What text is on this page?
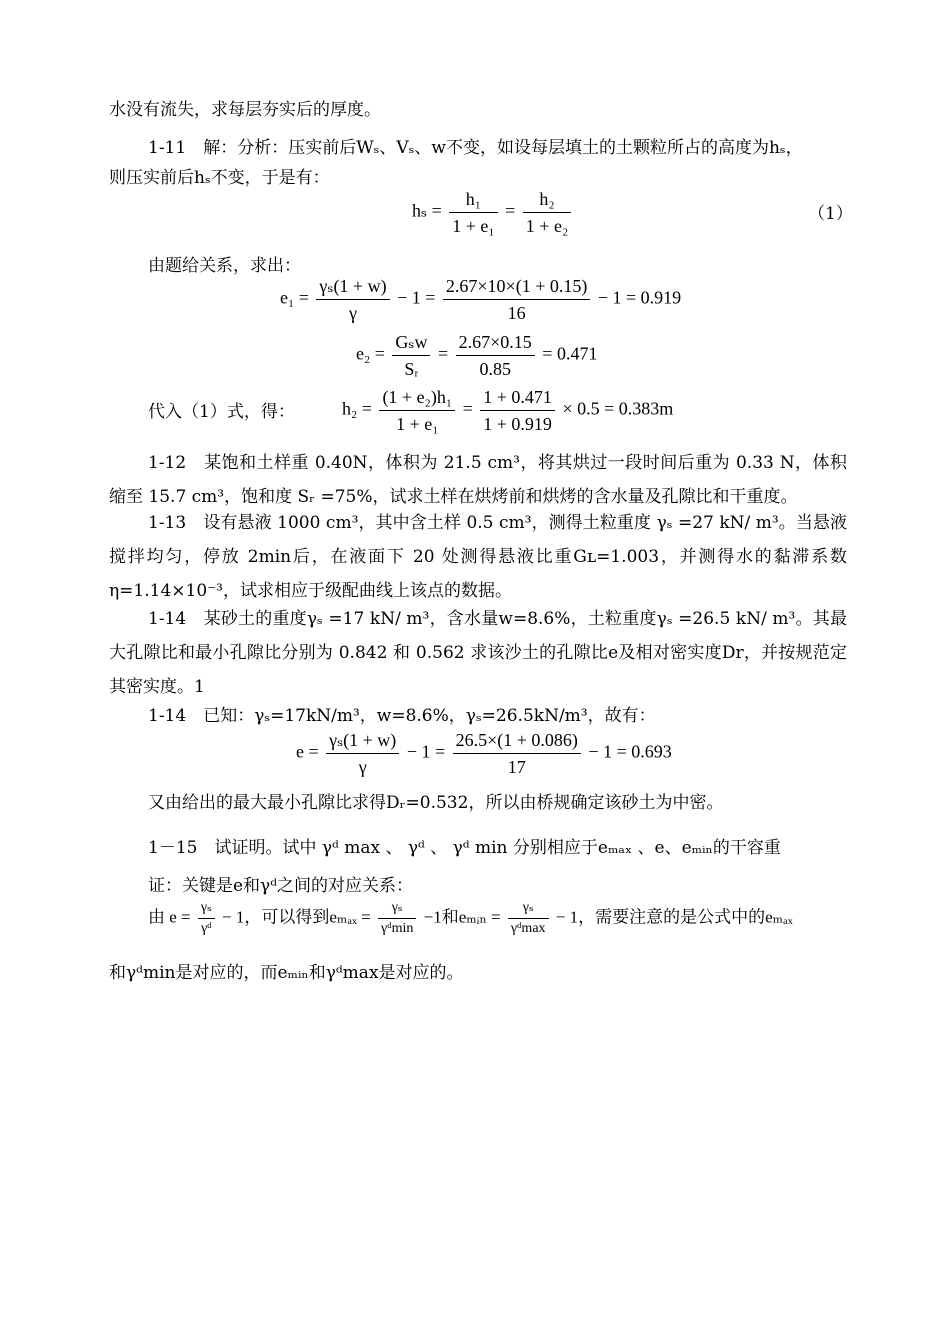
水没有流失，求每层夯实后的厚度。
1-11　解：分析：压实前后Wₛ、Vₛ、w不变，如设每层填土的土颗粒所占的高度为hₛ，
则压实前后hₛ不变，于是有：
$h_s = \frac{\text{h₁}}{\text{1 + e₁}} = \frac{\text{h₂}}{\text{1 + e₂}}$	（1）
由题给关系，求出：
$e_1 = \frac{\text{γₛ(1 + w)}}{\gamma} - 1 = \frac{2.67\times 10\times(1 + 0.15)}{16} - 1 = 0.919$
$e_2 = \frac{\text{Gₛw}}{\text{Sᵣ}} = \frac{2.67\times 0.15}{0.85} = 0.471$
代入（1）式，得：	$h_2 = \frac{\text{(1 + e₂)h₁}}{\text{1 + e₁}} = \frac{1 + 0.471}{1 + 0.919} \times 0.5 = 0.383m$
1-12　某饱和土样重 0.40N，体积为 21.5 cm³，将其烘过一段时间后重为 0.33 N，体积缩至 15.7 cm³，饱和度 Sᵣ =75%，试求土样在烘烤前和烘烤的含水量及孔隙比和干重度。
1-13　设有悬液 1000 cm³，其中含土样 0.5 cm³，测得土粒重度 γₛ =27 kN/ m³。当悬液搅拌均匀，停放 2min后，在液面下 20 处测得悬液比重Gʟ=1.003，并测得水的黏滞系数η=1.14×10⁻³，试求相应于级配曲线上该点的数据。
1-14　某砂土的重度γₛ =17 kN/ m³，含水量w=8.6%，土粒重度γₛ =26.5 kN/ m³。其最大孔隙比和最小孔隙比分别为 0.842 和 0.562 求该沙土的孔隙比e及相对密实度Dr，并按规范定其密实度。1
1-14　已知：γₛ=17kN/m³，w=8.6%，γₛ=26.5kN/m³，故有：
$e = \frac{\text{γₛ(1 + w)}}{\gamma} - 1 = \frac{26.5\times(1 + 0.086)}{17} - 1 = 0.693$
又由给出的最大最小孔隙比求得Dᵣ=0.532，所以由桥规确定该砂土为中密。
1－15　试证明。试中 γᵈ max 、 γᵈ 、 γᵈ min 分别相应于eₘₐₓ 、e、eₘᵢₙ的干容重
证：关键是e和γᵈ之间的对应关系：
由 $e = \frac{\text{γₛ}}{\text{γᵈ}} - 1$，可以得到$e_{max} = \frac{\text{γₛ}}{\text{γᵈmin}} -1$和eₘᵢₙ = $\frac{\text{γₛ}}{\text{γᵈmax}} - 1$，需要注意的是公式中的eₘₐₓ
和γᵈmin是对应的，而eₘᵢₙ和γᵈmax是对应的。
